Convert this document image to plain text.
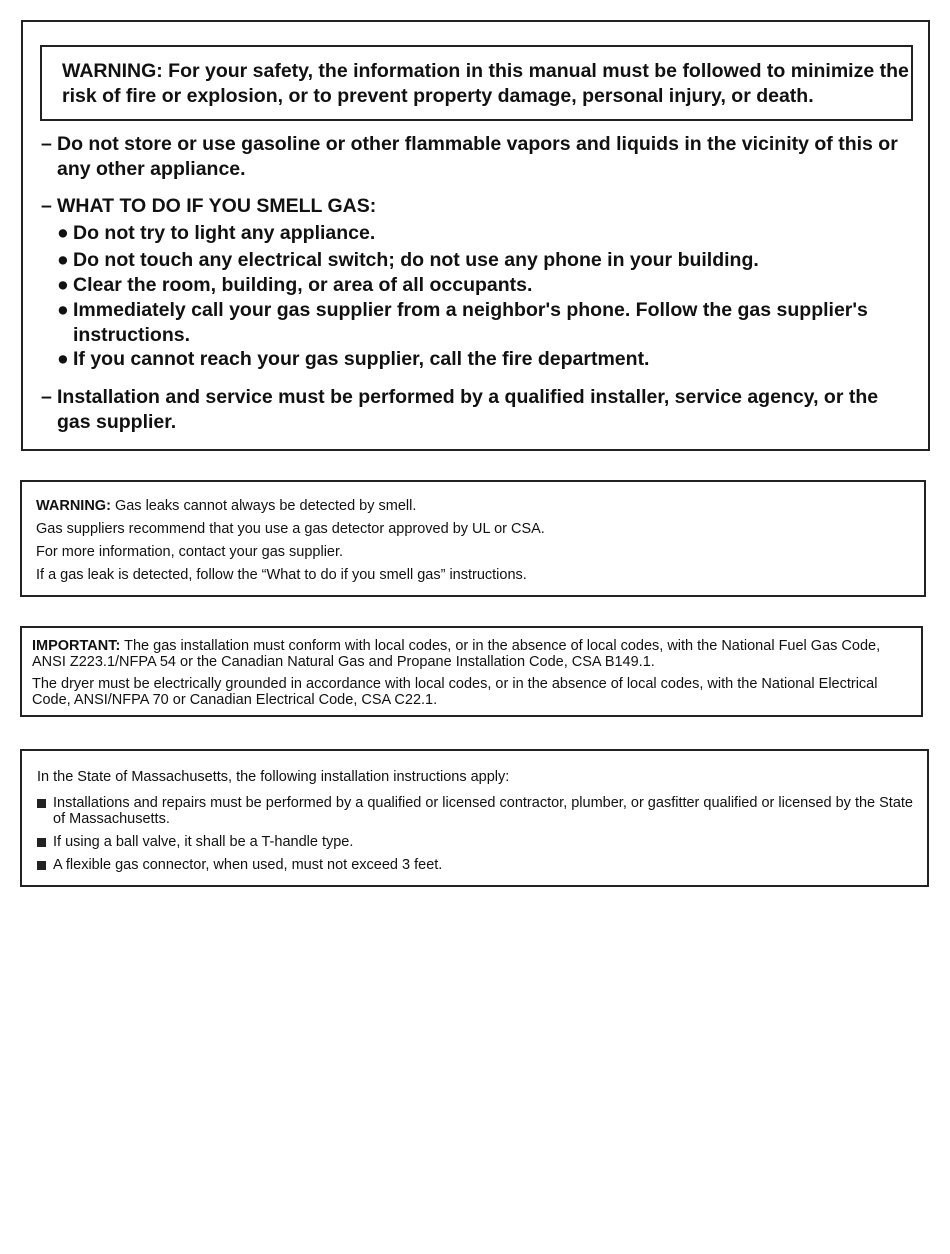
WARNING: For your safety, the information in this manual must be followed to minimize the risk of fire or explosion, or to prevent property damage, personal injury, or death.
– Do not store or use gasoline or other flammable vapors and liquids in the vicinity of this or any other appliance.
– WHAT TO DO IF YOU SMELL GAS:
● Do not try to light any appliance.
● Do not touch any electrical switch; do not use any phone in your building.
● Clear the room, building, or area of all occupants.
● Immediately call your gas supplier from a neighbor's phone. Follow the gas supplier's instructions.
● If you cannot reach your gas supplier, call the fire department.
– Installation and service must be performed by a qualified installer, service agency, or the gas supplier.
WARNING: Gas leaks cannot always be detected by smell.
Gas suppliers recommend that you use a gas detector approved by UL or CSA.
For more information, contact your gas supplier.
If a gas leak is detected, follow the “What to do if you smell gas” instructions.

IMPORTANT: The gas installation must conform with local codes, or in the absence of local codes, with the National Fuel Gas Code, ANSI Z223.1/NFPA 54 or the Canadian Natural Gas and Propane Installation Code, CSA B149.1.

The dryer must be electrically grounded in accordance with local codes, or in the absence of local codes, with the National Electrical Code, ANSI/NFPA 70 or Canadian Electrical Code, CSA C22.1.

In the State of Massachusetts, the following installation instructions apply:
Installations and repairs must be performed by a qualified or licensed contractor, plumber, or gasfitter qualified or licensed by the State of Massachusetts.
If using a ball valve, it shall be a T-handle type.
A flexible gas connector, when used, must not exceed 3 feet.
